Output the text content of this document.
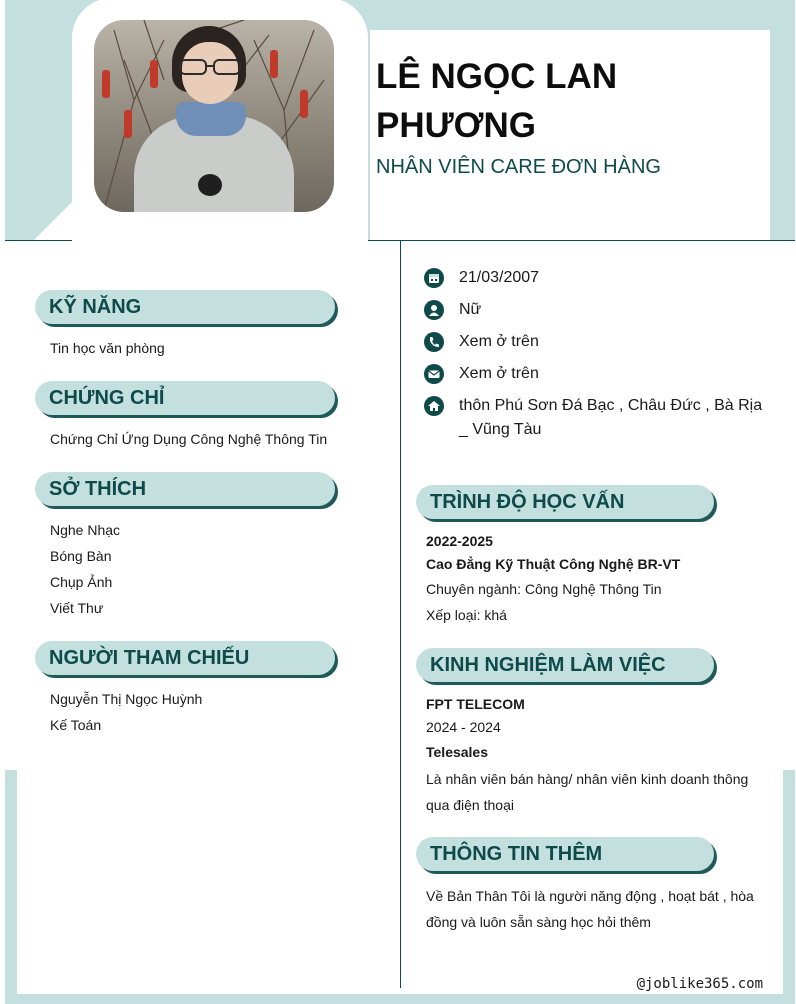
LÊ NGỌC LAN PHƯƠNG
NHÂN VIÊN CARE ĐƠN HÀNG
21/03/2007
Nữ
Xem ở trên
Xem ở trên
thôn Phú Sơn Đá Bạc , Châu Đức , Bà Rịa _ Vũng Tàu
KỸ NĂNG
Tin học văn phòng
CHỨNG CHỈ
Chứng Chỉ Ứng Dụng Công Nghệ Thông Tin
SỞ THÍCH
Nghe Nhạc
Bóng Bàn
Chụp Ảnh
Viết Thư
NGƯỜI THAM CHIẾU
Nguyễn Thị Ngọc Huỳnh
Kế Toán
TRÌNH ĐỘ HỌC VẤN
2022-2025
Cao Đẳng Kỹ Thuật Công Nghệ BR-VT
Chuyên ngành: Công Nghệ Thông Tin
Xếp loại: khá
KINH NGHIỆM LÀM VIỆC
FPT TELECOM
2024 - 2024
Telesales
Là nhân viên bán hàng/ nhân viên kinh doanh thông qua điện thoại
THÔNG TIN THÊM
Về Bản Thân Tôi là người năng động , hoạt bát , hòa đồng và luôn sẵn sàng học hỏi thêm
@joblike365.com
